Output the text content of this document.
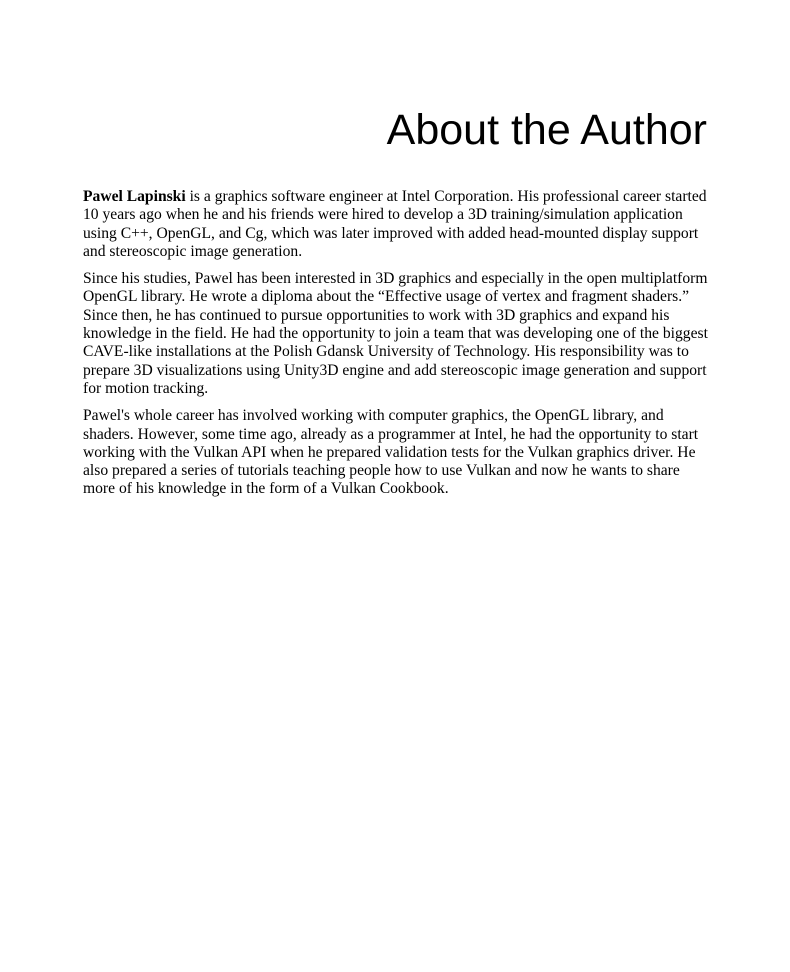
About the Author

Pawel Lapinski is a graphics software engineer at Intel Corporation. His professional career started 10 years ago when he and his friends were hired to develop a 3D training/simulation application using C++, OpenGL, and Cg, which was later improved with added head-mounted display support and stereoscopic image generation.

Since his studies, Pawel has been interested in 3D graphics and especially in the open multiplatform OpenGL library. He wrote a diploma about the “Effective usage of vertex and fragment shaders.” Since then, he has continued to pursue opportunities to work with 3D graphics and expand his knowledge in the field. He had the opportunity to join a team that was developing one of the biggest CAVE-like installations at the Polish Gdansk University of Technology. His responsibility was to prepare 3D visualizations using Unity3D engine and add stereoscopic image generation and support for motion tracking.

Pawel's whole career has involved working with computer graphics, the OpenGL library, and shaders. However, some time ago, already as a programmer at Intel, he had the opportunity to start working with the Vulkan API when he prepared validation tests for the Vulkan graphics driver. He also prepared a series of tutorials teaching people how to use Vulkan and now he wants to share more of his knowledge in the form of a Vulkan Cookbook.
